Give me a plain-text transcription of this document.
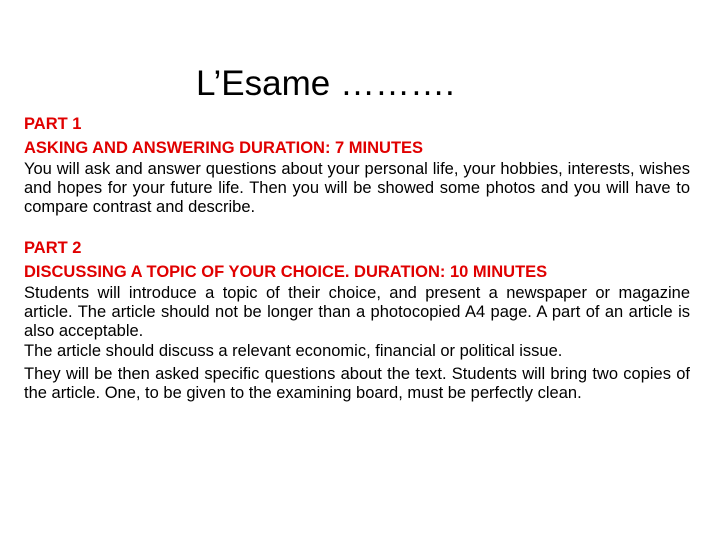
L’Esame ……….

PART 1

ASKING AND ANSWERING DURATION: 7 MINUTES

You will ask and answer questions about your personal life, your hobbies, interests, wishes and hopes for your future life. Then you will be showed some photos and you will have to compare contrast and describe.

PART 2

DISCUSSING A TOPIC OF YOUR CHOICE. DURATION: 10 MINUTES

Students will introduce a topic of their choice, and present a newspaper or magazine article. The article should not be longer than a photocopied A4 page. A part of an article is also acceptable.

The article should discuss a relevant economic, financial or political issue.

They will be then asked specific questions about the text. Students will bring two copies of the article. One, to be given to the examining board, must be perfectly clean.
